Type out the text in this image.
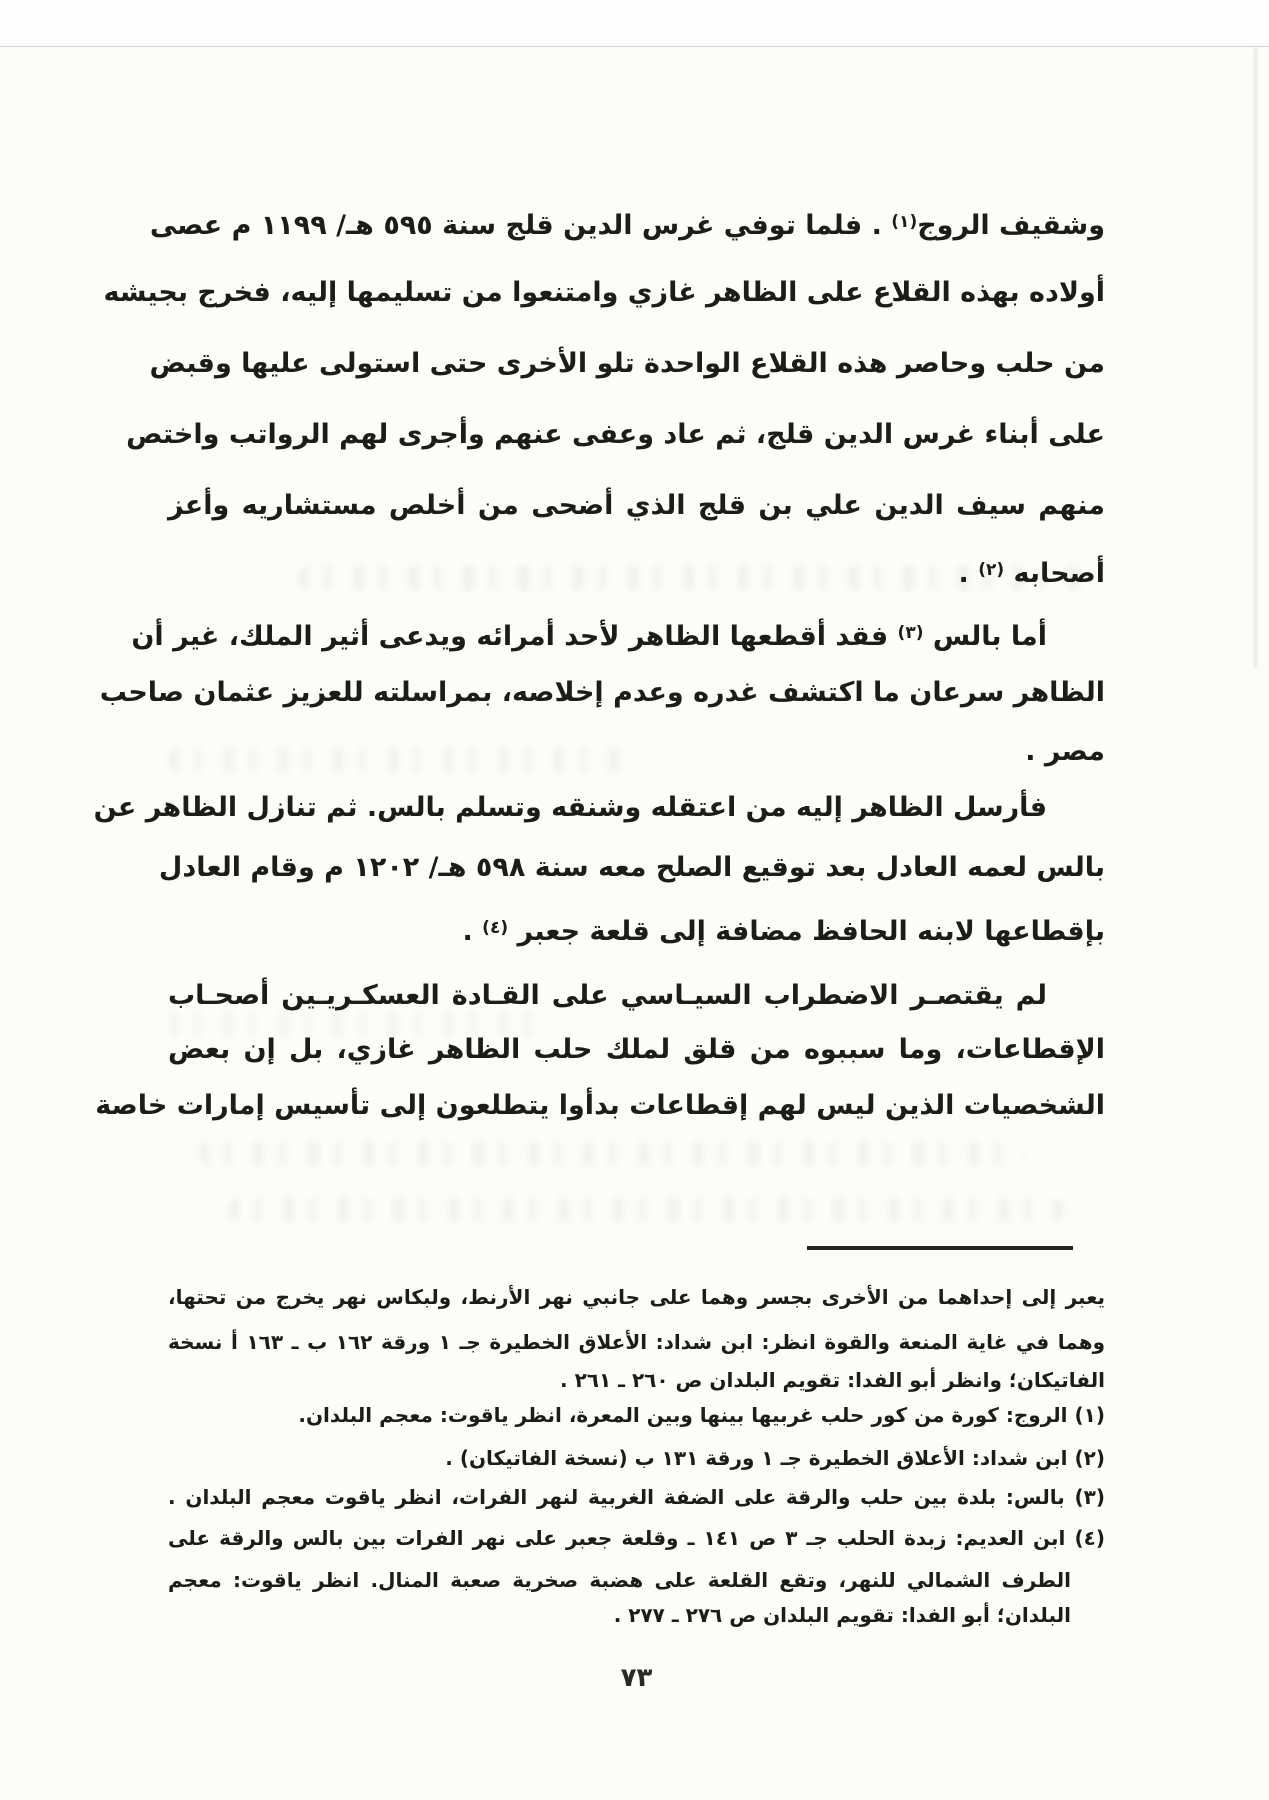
وشقيف الروج$^{(١)}$ . فلما توفي غرس الدين قلج سنة ٥٩٥ هـ/ ١١٩٩ م عصى
أولاده بهذه القلاع على الظاهر غازي وامتنعوا من تسليمها إليه، فخرج بجيشه
من حلب وحاصر هذه القلاع الواحدة تلو الأخرى حتى استولى عليها وقبض
على أبناء غرس الدين قلج، ثم عاد وعفى عنهم وأجرى لهم الرواتب واختص
منهم سيف الدين علي بن قلج الذي أضحى من أخلص مستشاريه وأعز
أصحابه $^{(٢)}$ .
أما بالس $^{(٣)}$ فقد أقطعها الظاهر لأحد أمرائه ويدعى أثير الملك، غير أن
الظاهر سرعان ما اكتشف غدره وعدم إخلاصه، بمراسلته للعزيز عثمان صاحب
مصر .
فأرسل الظاهر إليه من اعتقله وشنقه وتسلم بالس. ثم تنازل الظاهر عن
بالس لعمه العادل بعد توقيع الصلح معه سنة ٥٩٨ هـ/ ١٢٠٢ م وقام العادل
بإقطاعها لابنه الحافظ مضافة إلى قلعة جعبر $^{(٤)}$ .
لم يقتصـر الاضطراب السيـاسي على القـادة العسكـريـين أصحـاب
الإقطاعات، وما سببوه من قلق لملك حلب الظاهر غازي، بل إن بعض
الشخصيات الذين ليس لهم إقطاعات بدأوا يتطلعون إلى تأسيس إمارات خاصة
يعبر إلى إحداهما من الأخرى بجسر وهما على جانبي نهر الأرنط، ولبكاس نهر يخرج من تحتها،
وهما في غاية المنعة والقوة انظر: ابن شداد: الأعلاق الخطيرة جـ ١ ورقة ١٦٢ ب ـ ١٦٣ أ نسخة
الفاتيكان؛ وانظر أبو الفدا: تقويم البلدان ص ٢٦٠ ـ ٢٦١ .
(١) الروج: كورة من كور حلب غربيها بينها وبين المعرة، انظر ياقوت: معجم البلدان.
(٢) ابن شداد: الأعلاق الخطيرة جـ ١ ورقة ١٣١ ب (نسخة الفاتيكان) .
(٣) بالس: بلدة بين حلب والرقة على الضفة الغربية لنهر الفرات، انظر ياقوت معجم البلدان .
(٤) ابن العديم: زبدة الحلب جـ ٣ ص ١٤١ ـ وقلعة جعبر على نهر الفرات بين بالس والرقة على
الطرف الشمالي للنهر، وتقع القلعة على هضبة صخرية صعبة المنال. انظر ياقوت: معجم
البلدان؛ أبو الفدا: تقويم البلدان ص ٢٧٦ ـ ٢٧٧ .
٧٣
